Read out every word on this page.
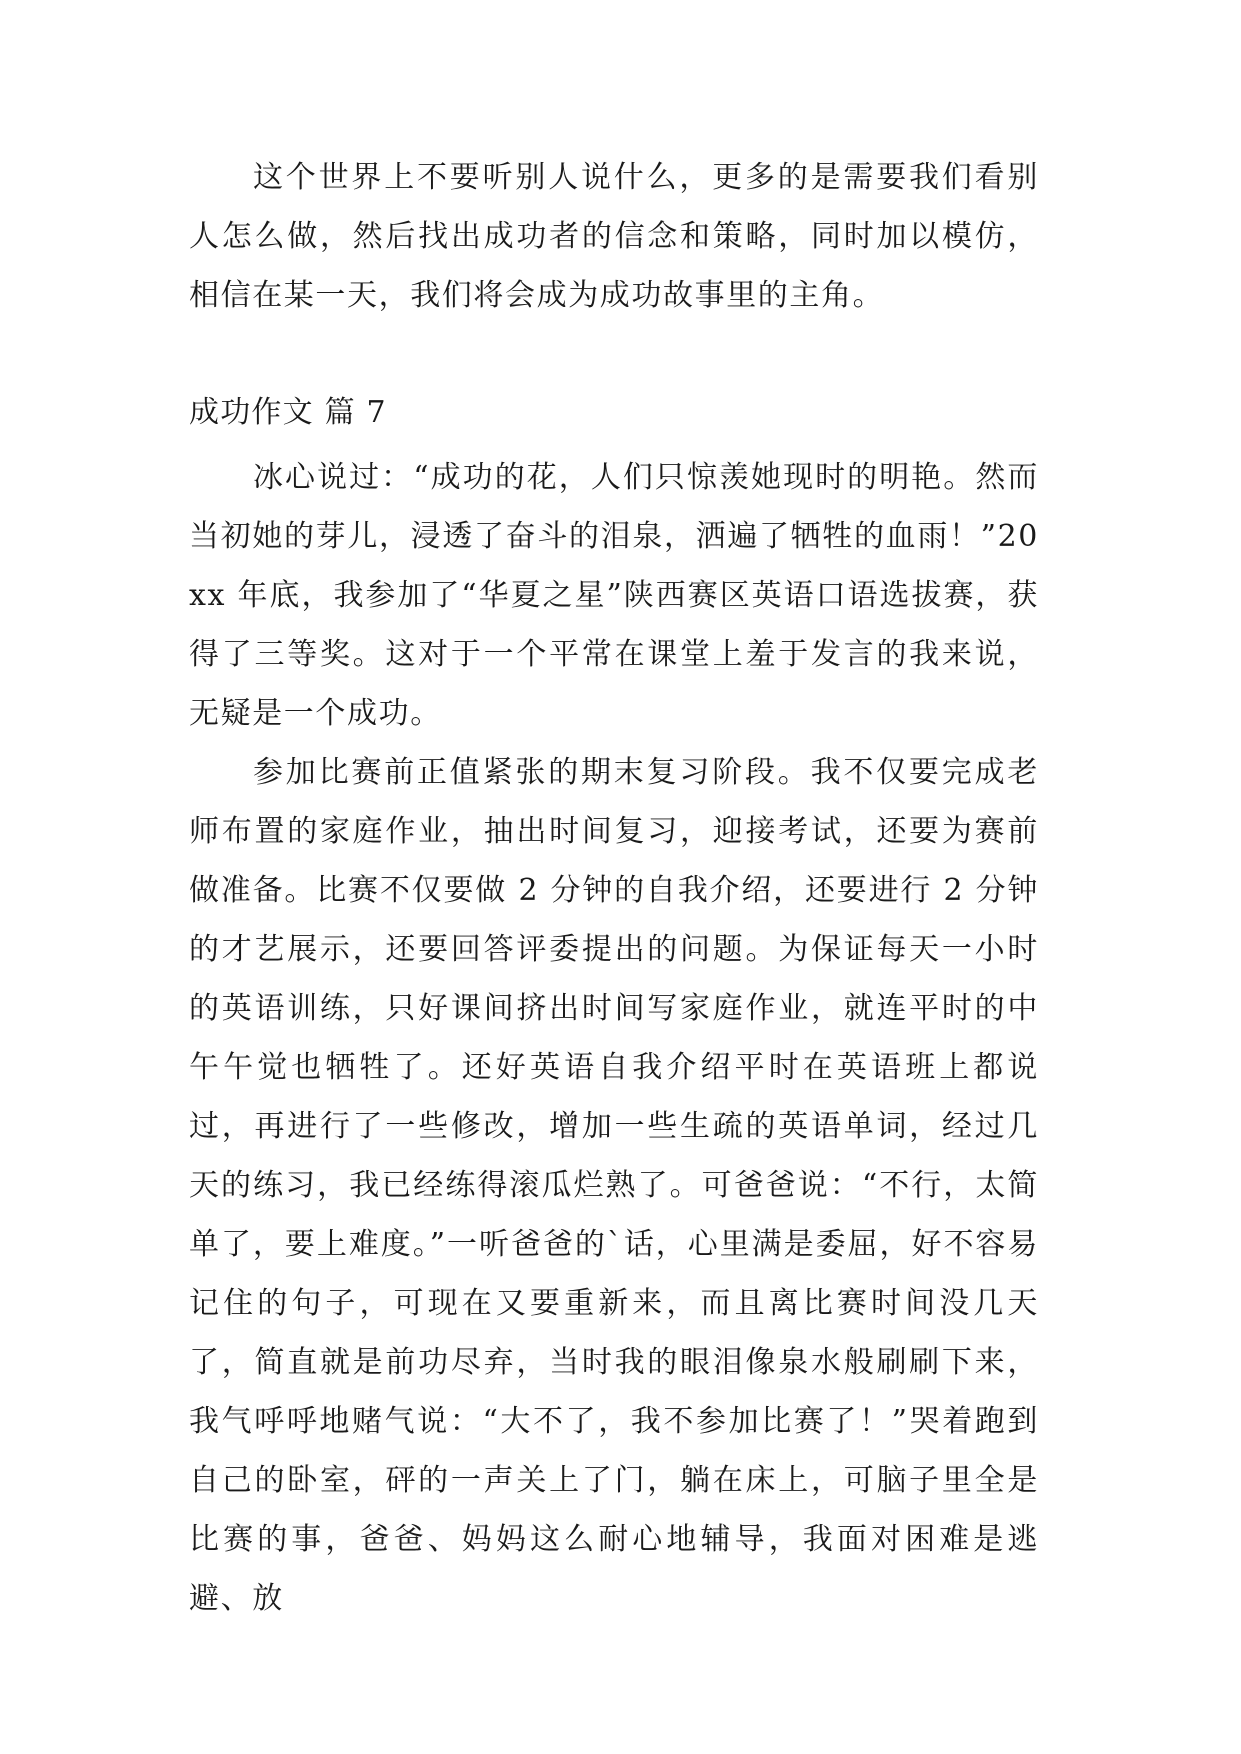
这个世界上不要听别人说什么，更多的是需要我们看别人怎么做，然后找出成功者的信念和策略，同时加以模仿，相信在某一天，我们将会成为成功故事里的主角。

成功作文 篇 7

冰心说过：“成功的花，人们只惊羡她现时的明艳。然而当初她的芽儿，浸透了奋斗的泪泉，洒遍了牺牲的血雨！”20xx 年底，我参加了“华夏之星”陕西赛区英语口语选拔赛，获得了三等奖。这对于一个平常在课堂上羞于发言的我来说，无疑是一个成功。

参加比赛前正值紧张的期末复习阶段。我不仅要完成老师布置的家庭作业，抽出时间复习，迎接考试，还要为赛前做准备。比赛不仅要做 2 分钟的自我介绍，还要进行 2 分钟的才艺展示，还要回答评委提出的问题。为保证每天一小时的英语训练，只好课间挤出时间写家庭作业，就连平时的中午午觉也牺牲了。还好英语自我介绍平时在英语班上都说过，再进行了一些修改，增加一些生疏的英语单词，经过几天的练习，我已经练得滚瓜烂熟了。可爸爸说：“不行，太简单了，要上难度。”一听爸爸的`话，心里满是委屈，好不容易记住的句子，可现在又要重新来，而且离比赛时间没几天了，简直就是前功尽弃，当时我的眼泪像泉水般刷刷下来，我气呼呼地赌气说：“大不了，我不参加比赛了！”哭着跑到自己的卧室，砰的一声关上了门，躺在床上，可脑子里全是比赛的事，爸爸、妈妈这么耐心地辅导，我面对困难是逃避、放
